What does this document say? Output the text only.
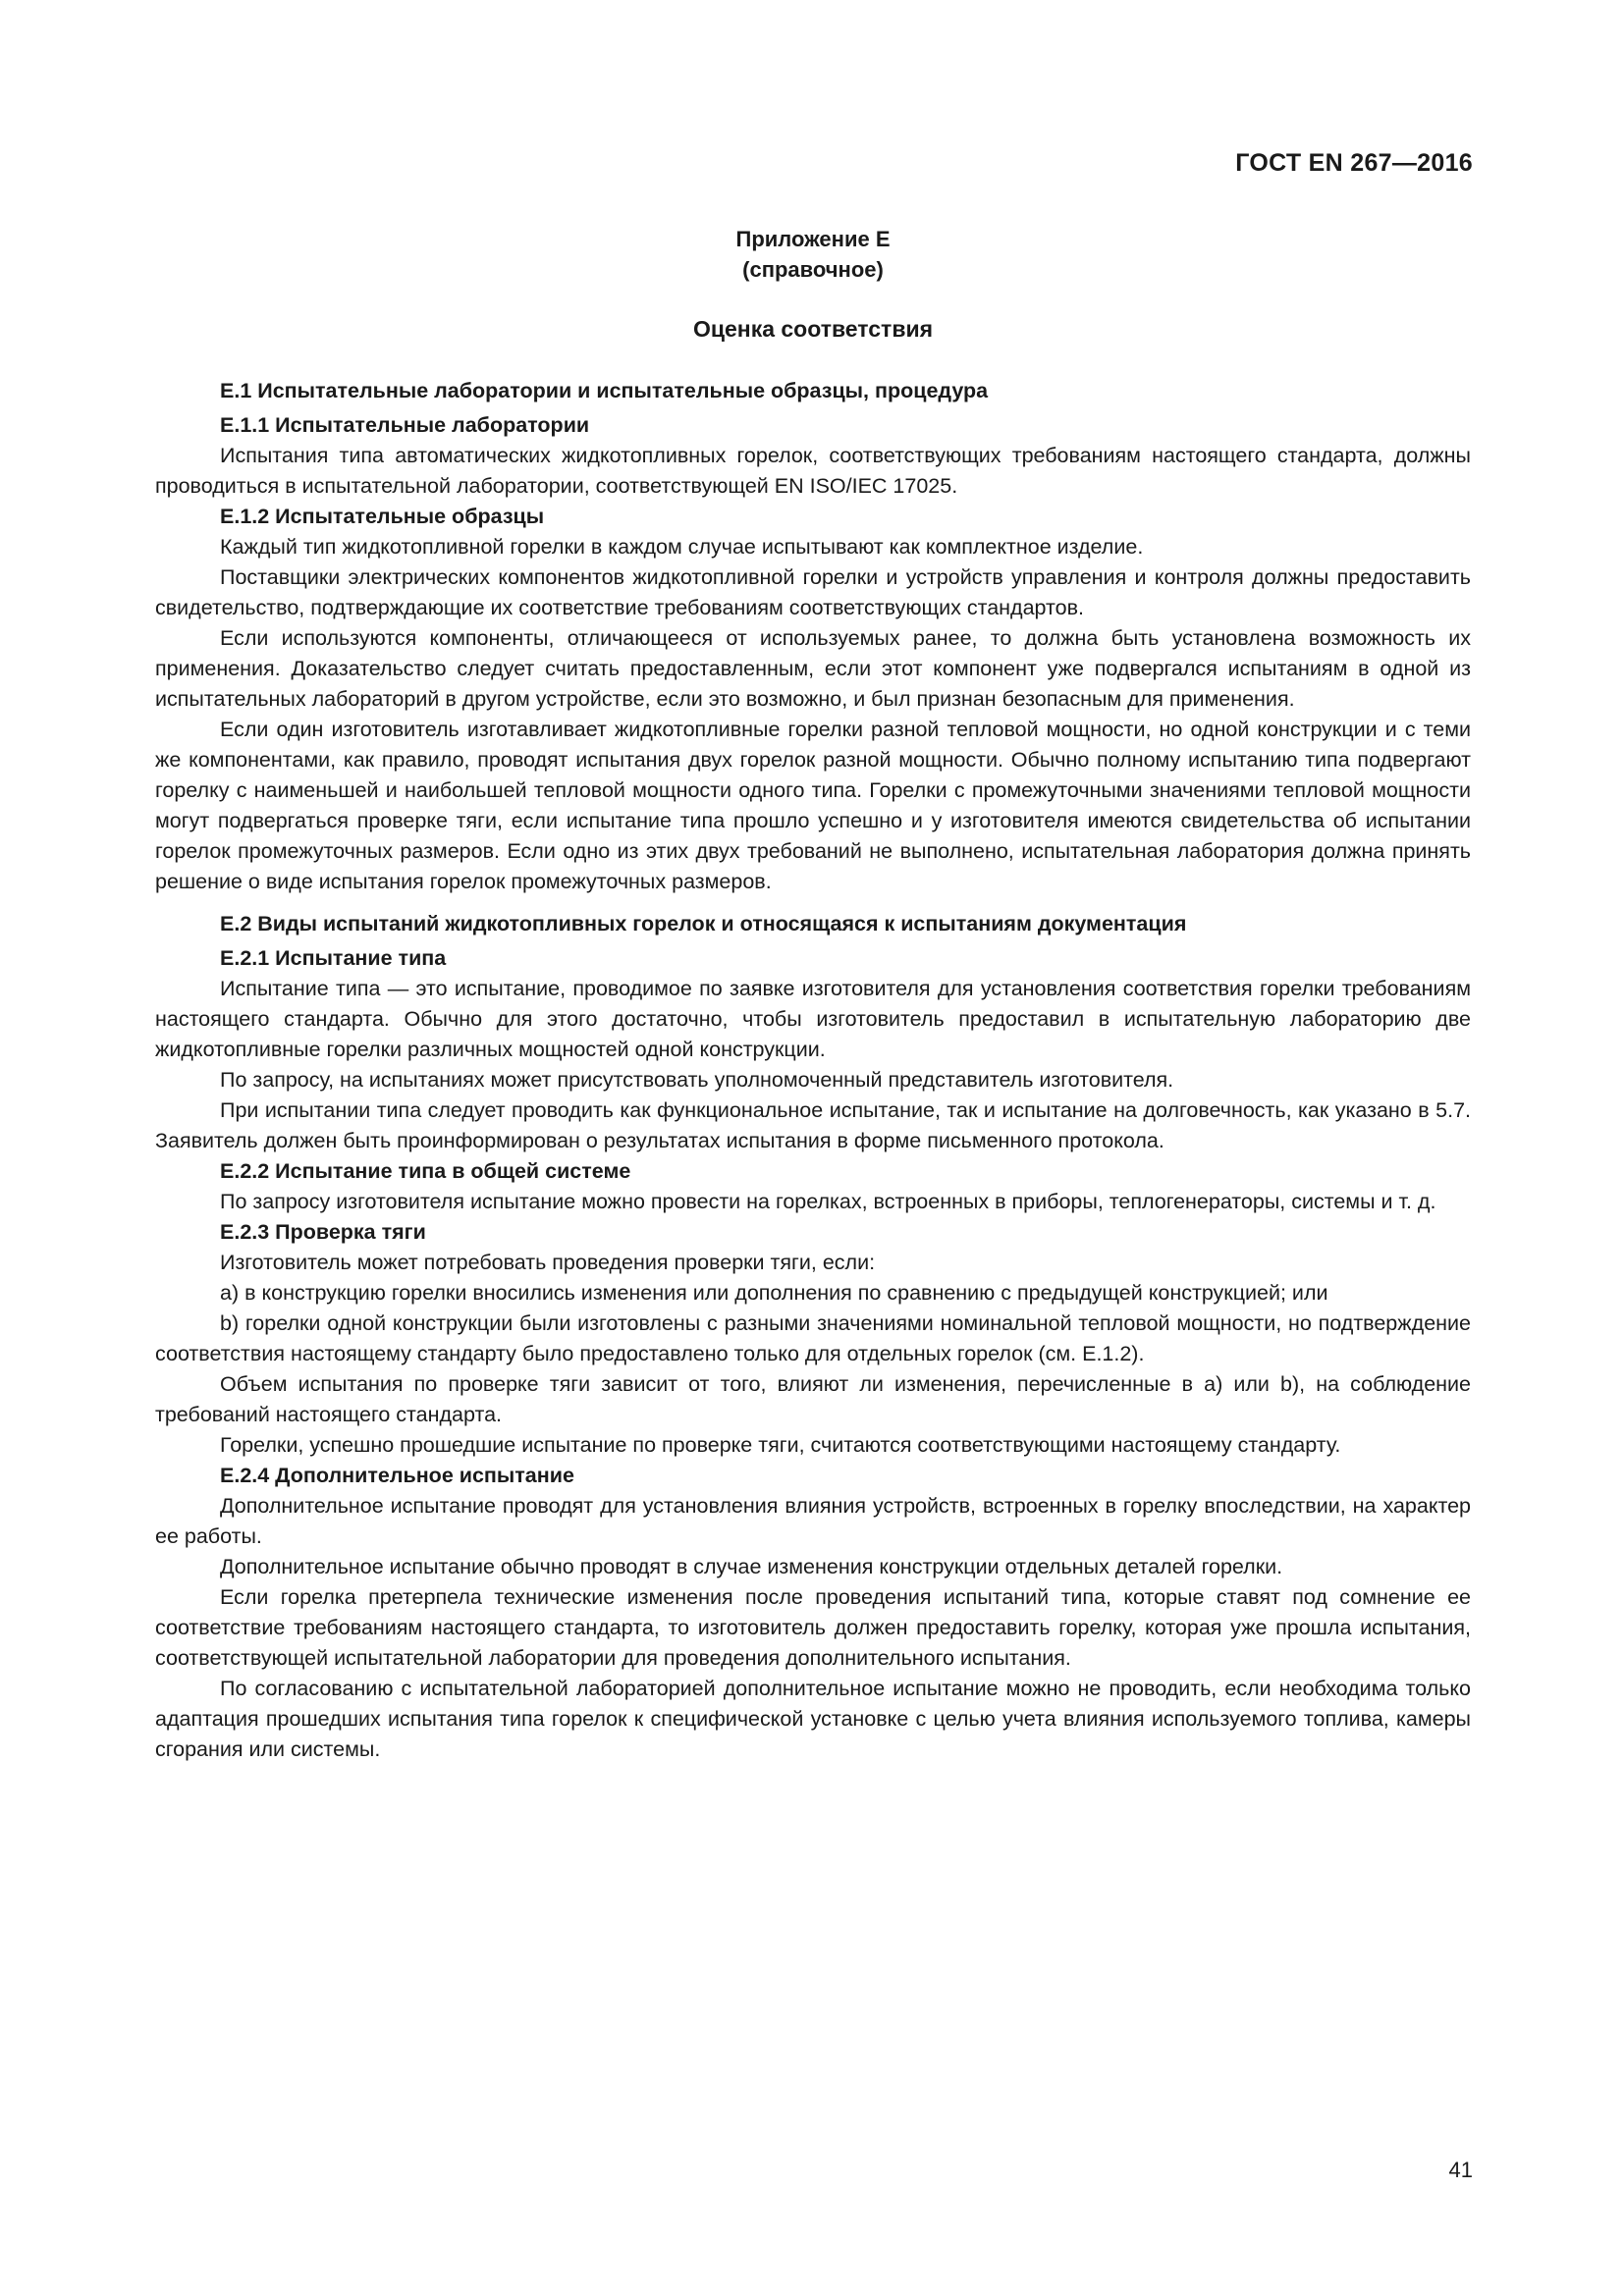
ГОСТ EN 267—2016
Приложение Е
(справочное)
Оценка соответствия

Е.1 Испытательные лаборатории и испытательные образцы, процедура

Е.1.1 Испытательные лаборатории

Испытания типа автоматических жидкотопливных горелок, соответствующих требованиям настоящего стандарта, должны проводиться в испытательной лаборатории, соответствующей EN ISO/IEC 17025.

Е.1.2 Испытательные образцы

Каждый тип жидкотопливной горелки в каждом случае испытывают как комплектное изделие.

Поставщики электрических компонентов жидкотопливной горелки и устройств управления и контроля должны предоставить свидетельство, подтверждающие их соответствие требованиям соответствующих стандартов.

Если используются компоненты, отличающееся от используемых ранее, то должна быть установлена возможность их применения. Доказательство следует считать предоставленным, если этот компонент уже подвергался испытаниям в одной из испытательных лабораторий в другом устройстве, если это возможно, и был признан безопасным для применения.

Если один изготовитель изготавливает жидкотопливные горелки разной тепловой мощности, но одной конструкции и с теми же компонентами, как правило, проводят испытания двух горелок разной мощности. Обычно полному испытанию типа подвергают горелку с наименьшей и наибольшей тепловой мощности одного типа. Горелки с промежуточными значениями тепловой мощности могут подвергаться проверке тяги, если испытание типа прошло успешно и у изготовителя имеются свидетельства об испытании горелок промежуточных размеров. Если одно из этих двух требований не выполнено, испытательная лаборатория должна принять решение о виде испытания горелок промежуточных размеров.

Е.2 Виды испытаний жидкотопливных горелок и относящаяся к испытаниям документация

Е.2.1 Испытание типа

Испытание типа — это испытание, проводимое по заявке изготовителя для установления соответствия горелки требованиям настоящего стандарта. Обычно для этого достаточно, чтобы изготовитель предоставил в испытательную лабораторию две жидкотопливные горелки различных мощностей одной конструкции.

По запросу, на испытаниях может присутствовать уполномоченный представитель изготовителя.

При испытании типа следует проводить как функциональное испытание, так и испытание на долговечность, как указано в 5.7. Заявитель должен быть проинформирован о результатах испытания в форме письменного протокола.

Е.2.2 Испытание типа в общей системе

По запросу изготовителя испытание можно провести на горелках, встроенных в приборы, теплогенераторы, системы и т. д.

Е.2.3 Проверка тяги

Изготовитель может потребовать проведения проверки тяги, если:

a) в конструкцию горелки вносились изменения или дополнения по сравнению с предыдущей конструкцией; или

b) горелки одной конструкции были изготовлены с разными значениями номинальной тепловой мощности, но подтверждение соответствия настоящему стандарту было предоставлено только для отдельных горелок (см. Е.1.2).

Объем испытания по проверке тяги зависит от того, влияют ли изменения, перечисленные в a) или b), на соблюдение требований настоящего стандарта.

Горелки, успешно прошедшие испытание по проверке тяги, считаются соответствующими настоящему стандарту.

Е.2.4 Дополнительное испытание

Дополнительное испытание проводят для установления влияния устройств, встроенных в горелку впоследствии, на характер ее работы.

Дополнительное испытание обычно проводят в случае изменения конструкции отдельных деталей горелки.

Если горелка претерпела технические изменения после проведения испытаний типа, которые ставят под сомнение ее соответствие требованиям настоящего стандарта, то изготовитель должен предоставить горелку, которая уже прошла испытания, соответствующей испытательной лаборатории для проведения дополнительного испытания.

По согласованию с испытательной лабораторией дополнительное испытание можно не проводить, если необходима только адаптация прошедших испытания типа горелок к специфической установке с целью учета влияния используемого топлива, камеры сгорания или системы.

41
